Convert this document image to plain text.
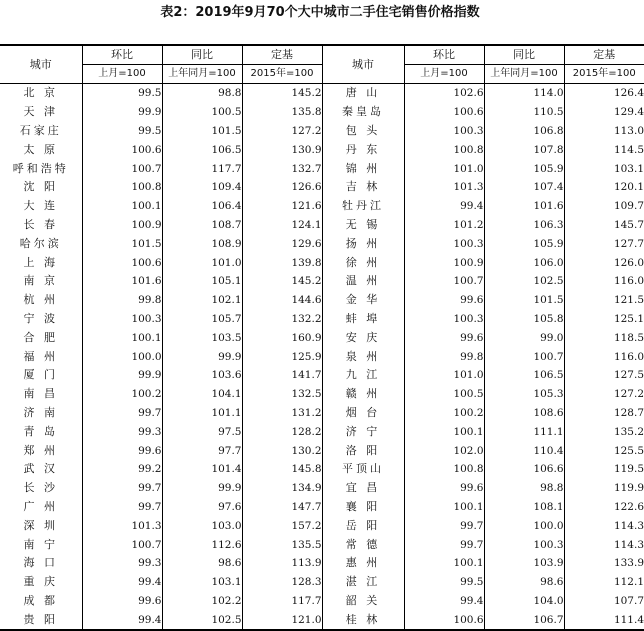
表2：2019年9月70个大中城市二手住宅销售价格指数
城市	环比	同比	定基	城市	环比	同比	定基
	上月=100	上年同月=100	2015年=100		上月=100	上年同月=100	2015年=100
北 京	99.5	98.8	145.2	唐 山	102.6	114.0	126.4
天 津	99.9	100.5	135.8	秦皇岛	100.6	110.5	129.4
石家庄	99.5	101.5	127.2	包 头	100.3	106.8	113.0
太 原	100.6	106.5	130.9	丹 东	100.8	107.8	114.5
呼和浩特	100.7	117.7	132.7	锦 州	101.0	105.9	103.1
沈 阳	100.8	109.4	126.6	吉 林	101.3	107.4	120.1
大 连	100.1	106.4	121.6	牡丹江	99.4	101.6	109.7
长 春	100.9	108.7	124.1	无 锡	101.2	106.3	145.7
哈尔滨	101.5	108.9	129.6	扬 州	100.3	105.9	127.7
上 海	100.6	101.0	139.8	徐 州	100.9	106.0	126.0
南 京	101.6	105.1	145.2	温 州	100.7	102.5	116.0
杭 州	99.8	102.1	144.6	金 华	99.6	101.5	121.5
宁 波	100.3	105.7	132.2	蚌 埠	100.3	105.8	125.1
合 肥	100.1	103.5	160.9	安 庆	99.6	99.0	118.5
福 州	100.0	99.9	125.9	泉 州	99.8	100.7	116.0
厦 门	99.9	103.6	141.7	九 江	101.0	106.5	127.5
南 昌	100.2	104.1	132.5	赣 州	100.5	105.3	127.2
济 南	99.7	101.1	131.2	烟 台	100.2	108.6	128.7
青 岛	99.3	97.5	128.2	济 宁	100.1	111.1	135.2
郑 州	99.6	97.7	130.2	洛 阳	102.0	110.4	125.5
武 汉	99.2	101.4	145.8	平顶山	100.8	106.6	119.5
长 沙	99.7	99.9	134.9	宜 昌	99.6	98.8	119.9
广 州	99.7	97.6	147.7	襄 阳	100.1	108.1	122.6
深 圳	101.3	103.0	157.2	岳 阳	99.7	100.0	114.3
南 宁	100.7	112.6	135.5	常 德	99.7	100.3	114.3
海 口	99.3	98.6	113.9	惠 州	100.1	103.9	133.9
重 庆	99.4	103.1	128.3	湛 江	99.5	98.6	112.1
成 都	99.6	102.2	117.7	韶 关	99.4	104.0	107.7
贵 阳	99.4	102.5	121.0	桂 林	100.6	106.7	111.4
